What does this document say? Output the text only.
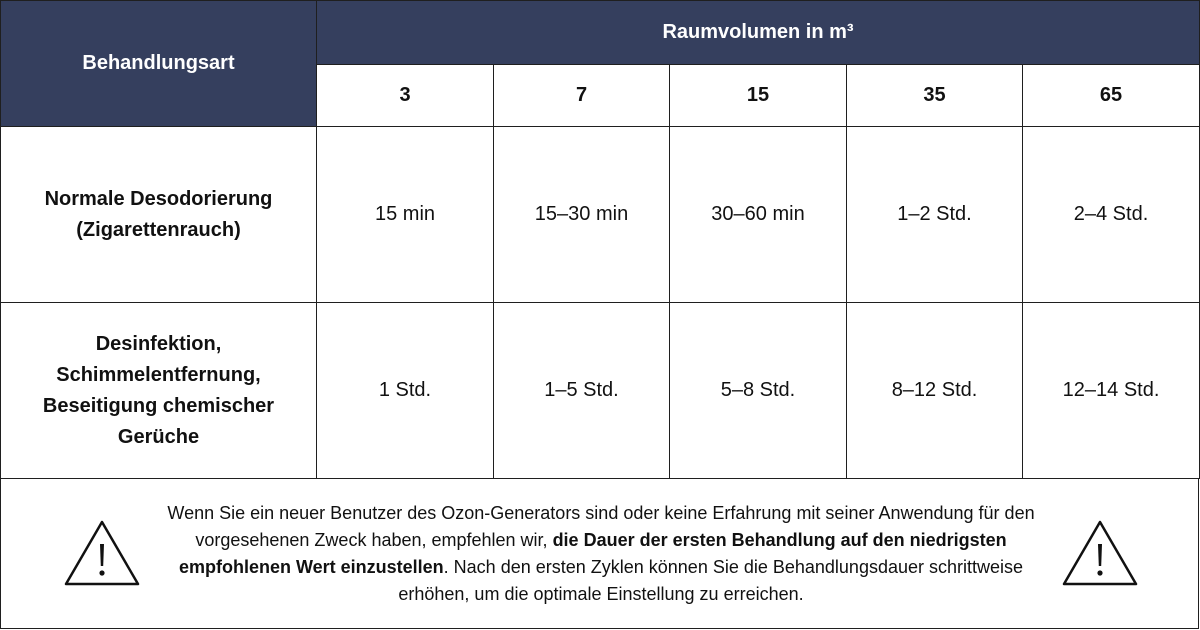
Behandlungsart	Raumvolumen in m³				
	3	7	15	35	65

Normale Desodorierung
(Zigarettenrauch)	15 min	15–30 min	30–60 min	1–2 Std.	2–4 Std.

Desinfektion,
Schimmelentfernung,
Beseitigung chemischer
Gerüche	1 Std.	1–5 Std.	5–8 Std.	8–12 Std.	12–14 Std.
Wenn Sie ein neuer Benutzer des Ozon-Generators sind oder keine Erfahrung mit seiner Anwendung für den vorgesehenen Zweck haben, empfehlen wir, die Dauer der ersten Behandlung auf den niedrigsten empfohlenen Wert einzustellen. Nach den ersten Zyklen können Sie die Behandlungsdauer schrittweise erhöhen, um die optimale Einstellung zu erreichen.
